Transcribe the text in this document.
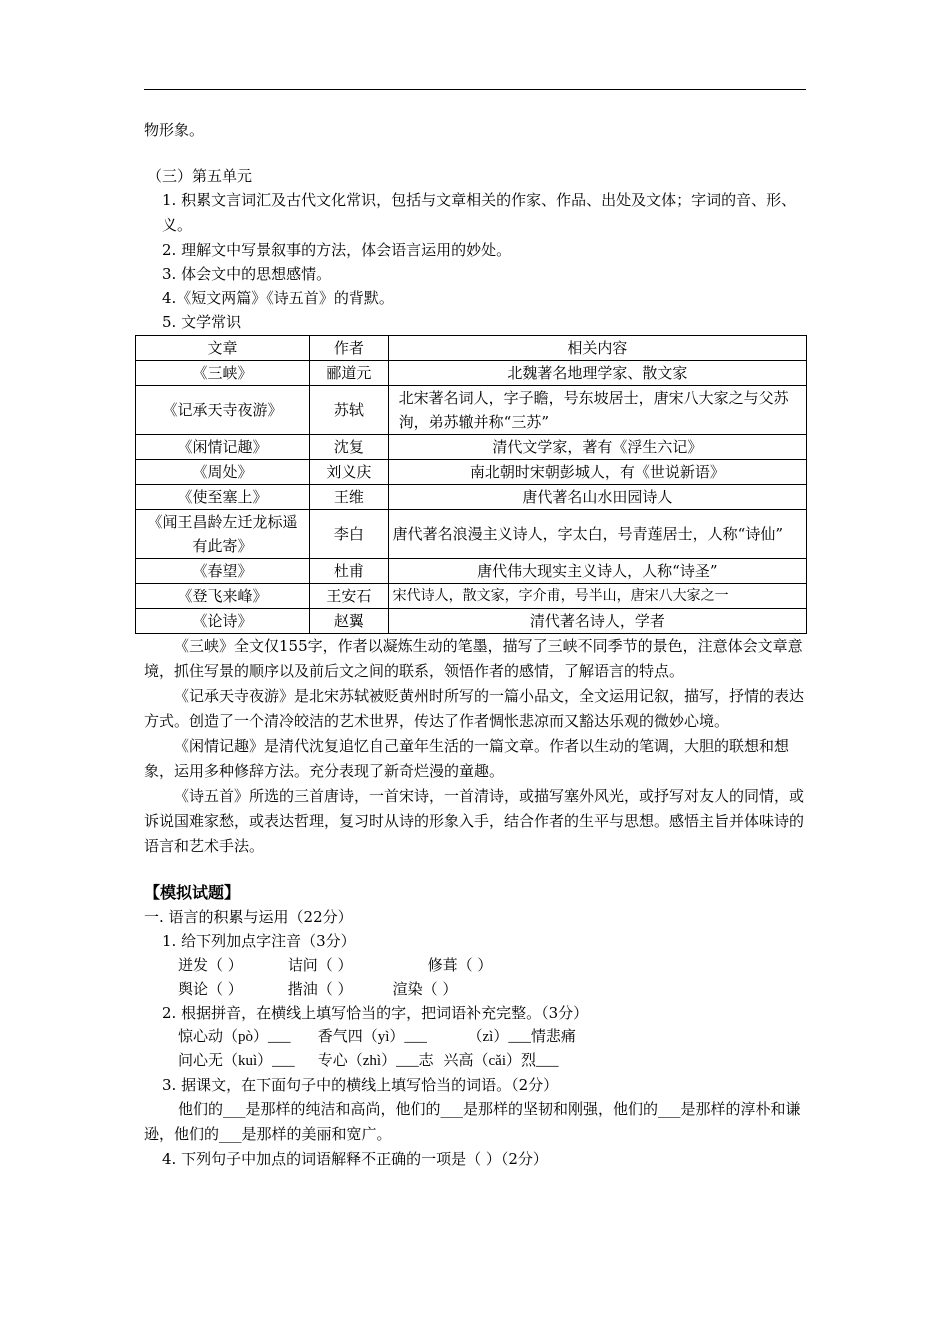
物形象。
（三）第五单元
1. 积累文言词汇及古代文化常识，包括与文章相关的作家、作品、出处及文体；字词的音、形、义。
2. 理解文中写景叙事的方法，体会语言运用的妙处。
3. 体会文中的思想感情。
4.《短文两篇》《诗五首》的背默。
5. 文学常识
文章	作者	相关内容
《三峡》	郦道元	北魏著名地理学家、散文家
《记承天寺夜游》	苏轼	北宋著名词人，字子瞻，号东坡居士，唐宋八大家之与父苏洵，弟苏辙并称“三苏”
《闲情记趣》	沈复	清代文学家，著有《浮生六记》
《周处》	刘义庆	南北朝时宋朝彭城人，有《世说新语》
《使至塞上》	王维	唐代著名山水田园诗人
《闻王昌龄左迁龙标遥有此寄》	李白	唐代著名浪漫主义诗人，字太白，号青莲居士，人称“诗仙”
《春望》	杜甫	唐代伟大现实主义诗人，人称“诗圣”
《登飞来峰》	王安石	宋代诗人，散文家，字介甫，号半山，唐宋八大家之一
《论诗》	赵翼	清代著名诗人，学者
《三峡》全文仅155字，作者以凝炼生动的笔墨，描写了三峡不同季节的景色，注意体会文章意境，抓住写景的顺序以及前后文之间的联系，领悟作者的感情，了解语言的特点。
《记承天寺夜游》是北宋苏轼被贬黄州时所写的一篇小品文，全文运用记叙，描写，抒情的表达方式。创造了一个清冷皎洁的艺术世界，传达了作者惆怅悲凉而又豁达乐观的微妙心境。
《闲情记趣》是清代沈复追忆自己童年生活的一篇文章。作者以生动的笔调，大胆的联想和想象，运用多种修辞方法。充分表现了新奇烂漫的童趣。
《诗五首》所选的三首唐诗，一首宋诗，一首清诗，或描写塞外风光，或抒写对友人的同情，或诉说国难家愁，或表达哲理，复习时从诗的形象入手，结合作者的生平与思想。感悟主旨并体味诗的语言和艺术手法。
【模拟试题】
一. 语言的积累与运用（22分）
1. 给下列加点字注音（3分）
迸发（ ）	诘问（ ）	修葺（ ）
舆论（ ）	揩油（ ）	渲染（ ）
2. 根据拼音，在横线上填写恰当的字，把词语补充完整。（3分）
惊心动（pò）___ 香气四（yì）___	（zì）___情悲痛
问心无（kuì）___ 专心（zhì）___志 兴高（cǎi）烈___
3. 据课文，在下面句子中的横线上填写恰当的词语。（2分）
他们的___是那样的纯洁和高尚，他们的___是那样的坚韧和刚强，他们的___是那样的淳朴和谦逊，他们的___是那样的美丽和宽广。
4. 下列句子中加点的词语解释不正确的一项是（ ）（2分）
